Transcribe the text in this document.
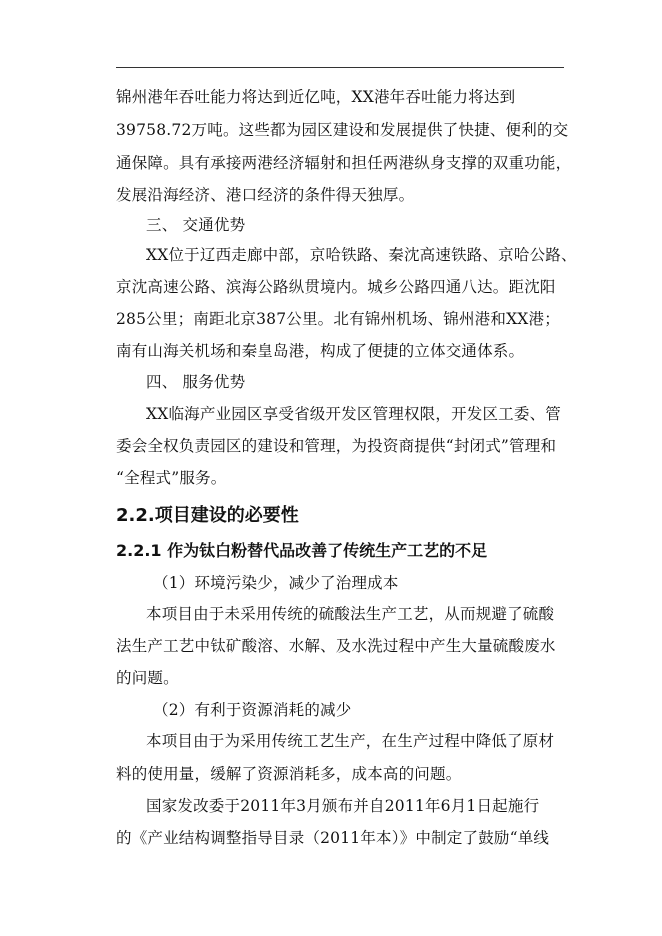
锦州港年吞吐能力将达到近亿吨，XX港年吞吐能力将达到
39758.72万吨。这些都为园区建设和发展提供了快捷、便利的交
通保障。具有承接两港经济辐射和担任两港纵身支撑的双重功能，
发展沿海经济、港口经济的条件得天独厚。
三、 交通优势
XX位于辽西走廊中部，京哈铁路、秦沈高速铁路、京哈公路、
京沈高速公路、滨海公路纵贯境内。城乡公路四通八达。距沈阳
285公里；南距北京387公里。北有锦州机场、锦州港和XX港；
南有山海关机场和秦皇岛港，构成了便捷的立体交通体系。
四、 服务优势
XX临海产业园区享受省级开发区管理权限，开发区工委、管
委会全权负责园区的建设和管理，为投资商提供“封闭式”管理和
“全程式”服务。
2.2.项目建设的必要性
2.2.1 作为钛白粉替代品改善了传统生产工艺的不足
（1）环境污染少，减少了治理成本
本项目由于未采用传统的硫酸法生产工艺，从而规避了硫酸
法生产工艺中钛矿酸溶、水解、及水洗过程中产生大量硫酸废水
的问题。
（2）有利于资源消耗的减少
本项目由于为采用传统工艺生产，在生产过程中降低了原材
料的使用量，缓解了资源消耗多，成本高的问题。
国家发改委于2011年3月颁布并自2011年6月1日起施行
的《产业结构调整指导目录（2011年本）》中制定了鼓励“单线
